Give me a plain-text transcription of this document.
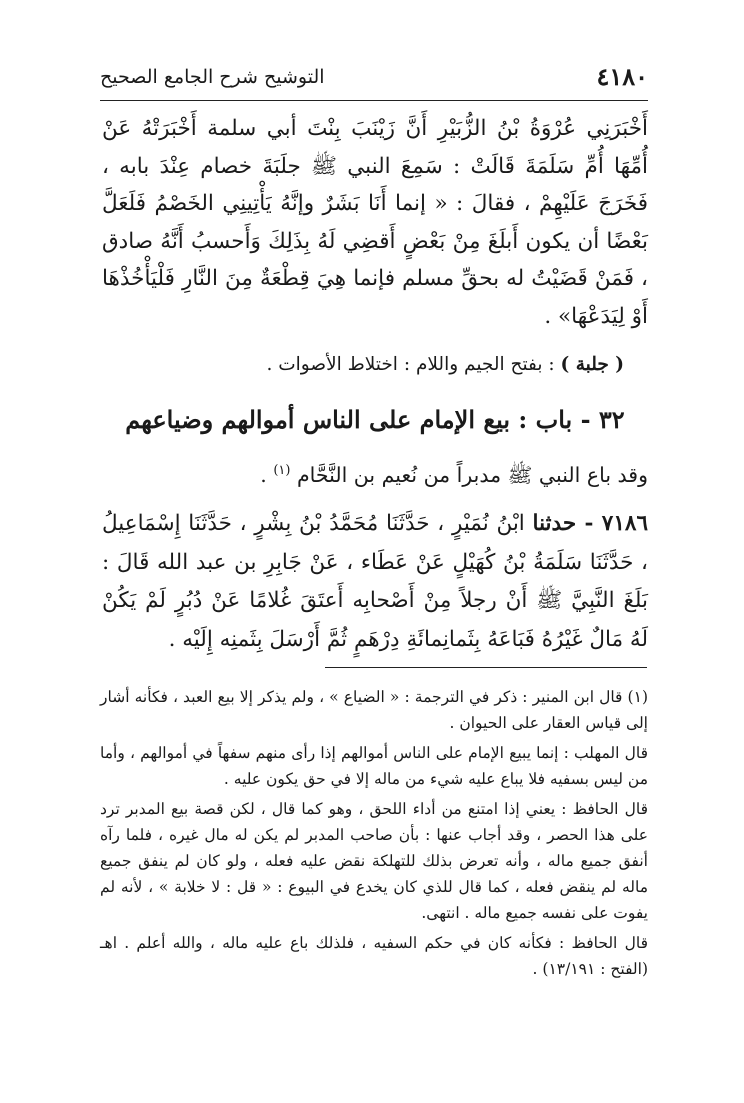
٤١٨٠
التوشيح شرح الجامع الصحيح
أَخْبَرَنِي عُرْوَةُ بْنُ الزُّبَيْرِ أَنَّ زَيْنَبَ بِنْتَ أبي سلمة أَخْبَرَتْهُ عَنْ أُمِّهَا أُمِّ سَلَمَةَ قَالَتْ : سَمِعَ النبي ﷺ جلَبَةَ خصام عِنْدَ بابه ، فَخَرَجَ عَلَيْهِمْ ، فقالَ : « إنما أَنَا بَشَرٌ وإنَّهُ يَأْتِينِي الخَصْمُ فَلَعَلَّ بَعْضًا أن يكون أَبلَغَ مِنْ بَعْضٍ أَقضِي لَهُ بِذَلِكَ وَأَحسبُ أَنَّهُ صادق ، فَمَنْ قَضَيْتُ له بحقِّ مسلم فإنما هِيَ قِطْعَةٌ مِنَ النَّارِ فَلْيَأْخُذْهَا أَوْ لِيَدَعْهَا» .
( جلبة ) : بفتح الجيم واللام : اختلاط الأصوات .
٣٢ - باب : بيع الإمام على الناس أموالهم وضياعهم
وقد باع النبي ﷺ مدبراً من نُعيم بن النَّحَّام $^{(١)}$ .
٧١٨٦ - حدثنا ابْنُ نُمَيْرٍ ، حَدَّثَنَا مُحَمَّدُ بْنُ بِشْرٍ ، حَدَّثَنَا إِسْمَاعِيلُ ، حَدَّثَنَا سَلَمَةُ بْنُ كُهَيْلٍ عَنْ عَطَاء ، عَنْ جَابِرِ بن عبد الله قَالَ : بَلَغَ النَّبِيَّ ﷺ أَنْ رجلاً مِنْ أَصْحابِه أَعتَقَ غُلامًا عَنْ دُبُرٍ لَمْ يَكُنْ لَهُ مَالٌ غَيْرُهُ فَبَاعَهُ بِثَمانِمائَةِ دِرْهَمٍ ثُمَّ أَرْسَلَ بِثَمنِه إِلَيْه .

(١) قال ابن المنير : ذكر في الترجمة : « الضياع » ، ولم يذكر إلا بيع العبد ، فكأنه أشار إلى قياس العقار على الحيوان .

قال المهلب : إنما يبيع الإمام على الناس أموالهم إذا رأى منهم سفهاً في أموالهم ، وأما من ليس بسفيه فلا يباع عليه شيء من ماله إلا في حق يكون عليه .

قال الحافظ : يعني إذا امتنع من أداء اللحق ، وهو كما قال ، لكن قصة بيع المدبر ترد على هذا الحصر ، وقد أجاب عنها : بأن صاحب المدبر لم يكن له مال غيره ، فلما رآه أنفق جميع ماله ، وأنه تعرض بذلك للتهلكة نقض عليه فعله ، ولو كان لم ينفق جميع ماله لم ينقض فعله ، كما قال للذي كان يخدع في البيوع : « قل : لا خلابة » ، لأنه لم يفوت على نفسه جميع ماله . انتهى.

قال الحافظ : فكأنه كان في حكم السفيه ، فلذلك باع عليه ماله ، والله أعلم . اهـ (الفتح : ١٣/١٩١) .
